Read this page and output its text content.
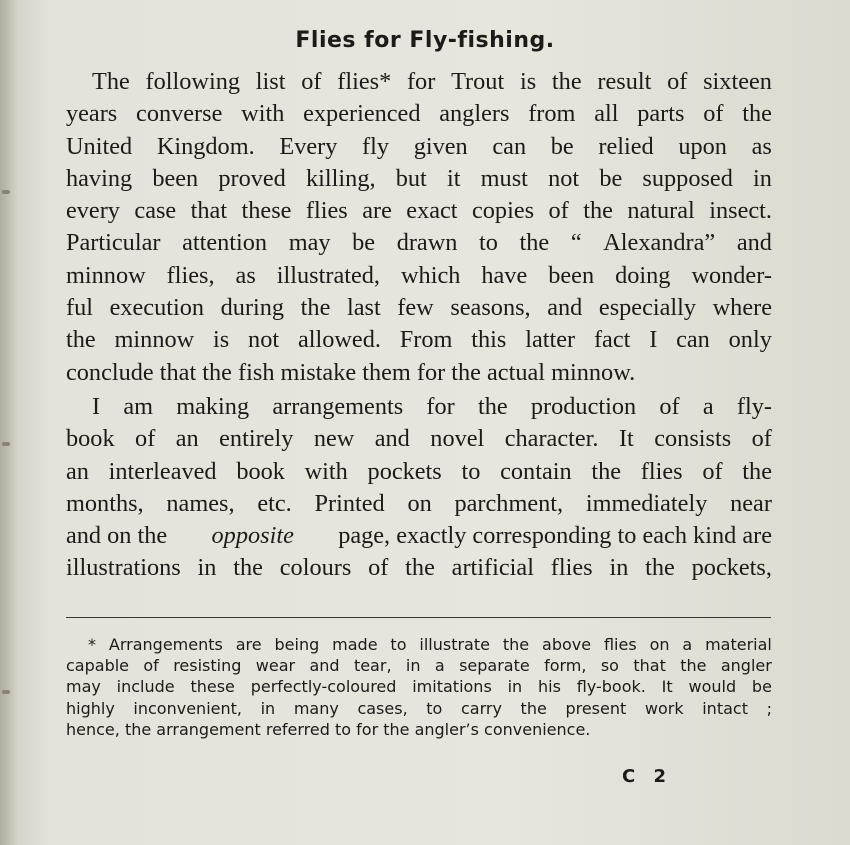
Flies for Fly-fishing.
The following list of flies* for Trout is the result of sixteen
years converse with experienced anglers from all parts of the
United Kingdom. Every fly given can be relied upon as
having been proved killing, but it must not be supposed in
every case that these flies are exact copies of the natural insect.
Particular attention may be drawn to the “ Alexandra” and
minnow flies, as illustrated, which have been doing wonder-
ful execution during the last few seasons, and especially where
the minnow is not allowed. From this latter fact I can only
conclude that the fish mistake them for the actual minnow.
I am making arrangements for the production of a fly-
book of an entirely new and novel character. It consists of
an interleaved book with pockets to contain the flies of the
months, names, etc. Printed on parchment, immediately near
and on the opposite page, exactly corresponding to each kind are
illustrations in the colours of the artificial flies in the pockets,
* Arrangements are being made to illustrate the above flies on a material
capable of resisting wear and tear, in a separate form, so that the angler
may include these perfectly-coloured imitations in his fly-book. It would be
highly inconvenient, in many cases, to carry the present work intact ;
hence, the arrangement referred to for the angler’s convenience.
C 2
